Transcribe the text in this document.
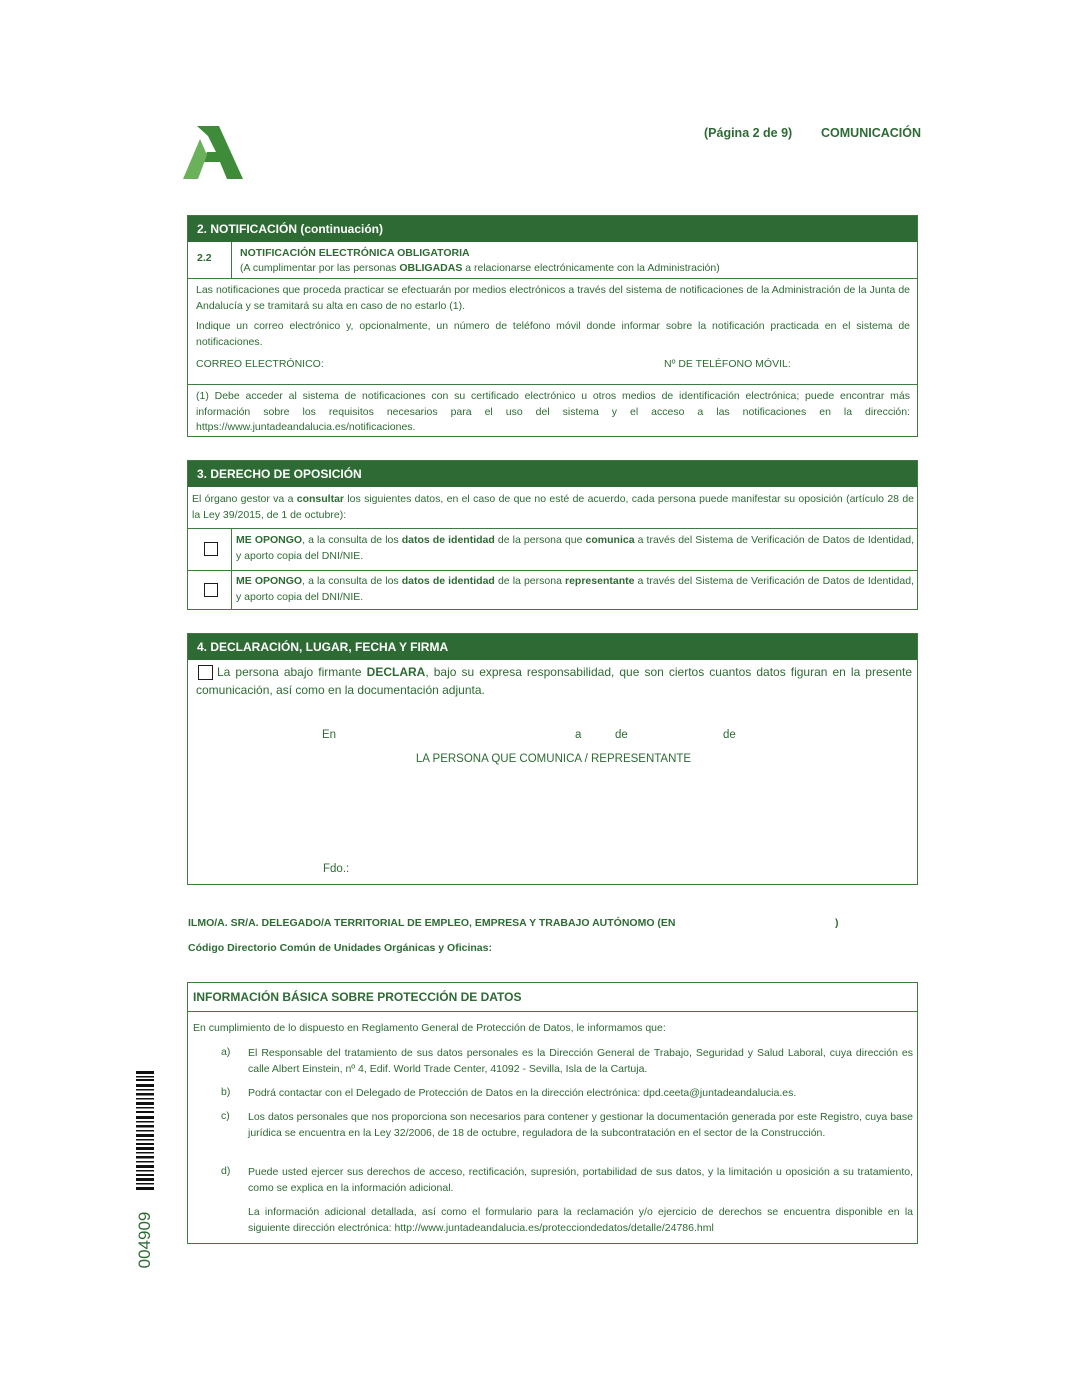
(Página 2 de 9) COMUNICACIÓN
2. NOTIFICACIÓN (continuación)
2.2	NOTIFICACIÓN ELECTRÓNICA OBLIGATORIA
(A cumplimentar por las personas OBLIGADAS a relacionarse electrónicamente con la Administración)
Las notificaciones que proceda practicar se efectuarán por medios electrónicos a través del sistema de notificaciones de la Administración de la Junta de Andalucía y se tramitará su alta en caso de no estarlo (1).
Indique un correo electrónico y, opcionalmente, un número de teléfono móvil donde informar sobre la notificación practicada en el sistema de notificaciones.
CORREO ELECTRÓNICO:	Nº DE TELÉFONO MÓVIL:
(1) Debe acceder al sistema de notificaciones con su certificado electrónico u otros medios de identificación electrónica; puede encontrar más información sobre los requisitos necesarios para el uso del sistema y el acceso a las notificaciones en la dirección: https://www.juntadeandalucia.es/notificaciones.
3. DERECHO DE OPOSICIÓN
El órgano gestor va a consultar los siguientes datos, en el caso de que no esté de acuerdo, cada persona puede manifestar su oposición (artículo 28 de la Ley 39/2015, de 1 de octubre):
ME OPONGO, a la consulta de los datos de identidad de la persona que comunica a través del Sistema de Verificación de Datos de Identidad, y aporto copia del DNI/NIE.
ME OPONGO, a la consulta de los datos de identidad de la persona representante a través del Sistema de Verificación de Datos de Identidad, y aporto copia del DNI/NIE.
4. DECLARACIÓN, LUGAR, FECHA Y FIRMA
La persona abajo firmante DECLARA, bajo su expresa responsabilidad, que son ciertos cuantos datos figuran en la presente comunicación, así como en la documentación adjunta.
En	a	de	de
LA PERSONA QUE COMUNICA / REPRESENTANTE
Fdo.:
ILMO/A. SR/A. DELEGADO/A TERRITORIAL DE EMPLEO, EMPRESA Y TRABAJO AUTÓNOMO (EN	)
Código Directorio Común de Unidades Orgánicas y Oficinas:
INFORMACIÓN BÁSICA SOBRE PROTECCIÓN DE DATOS
En cumplimiento de lo dispuesto en Reglamento General de Protección de Datos, le informamos que:
a) El Responsable del tratamiento de sus datos personales es la Dirección General de Trabajo, Seguridad y Salud Laboral, cuya dirección es calle Albert Einstein, nº 4, Edif. World Trade Center, 41092 - Sevilla, Isla de la Cartuja.
b) Podrá contactar con el Delegado de Protección de Datos en la dirección electrónica: dpd.ceeta@juntadeandalucia.es.
c) Los datos personales que nos proporciona son necesarios para contener y gestionar la documentación generada por este Registro, cuya base jurídica se encuentra en la Ley 32/2006, de 18 de octubre, reguladora de la subcontratación en el sector de la Construcción.
d) Puede usted ejercer sus derechos de acceso, rectificación, supresión, portabilidad de sus datos, y la limitación u oposición a su tratamiento, como se explica en la información adicional.
La información adicional detallada, así como el formulario para la reclamación y/o ejercicio de derechos se encuentra disponible en la siguiente dirección electrónica: http://www.juntadeandalucia.es/protecciondedatos/detalle/24786.hml
004909
